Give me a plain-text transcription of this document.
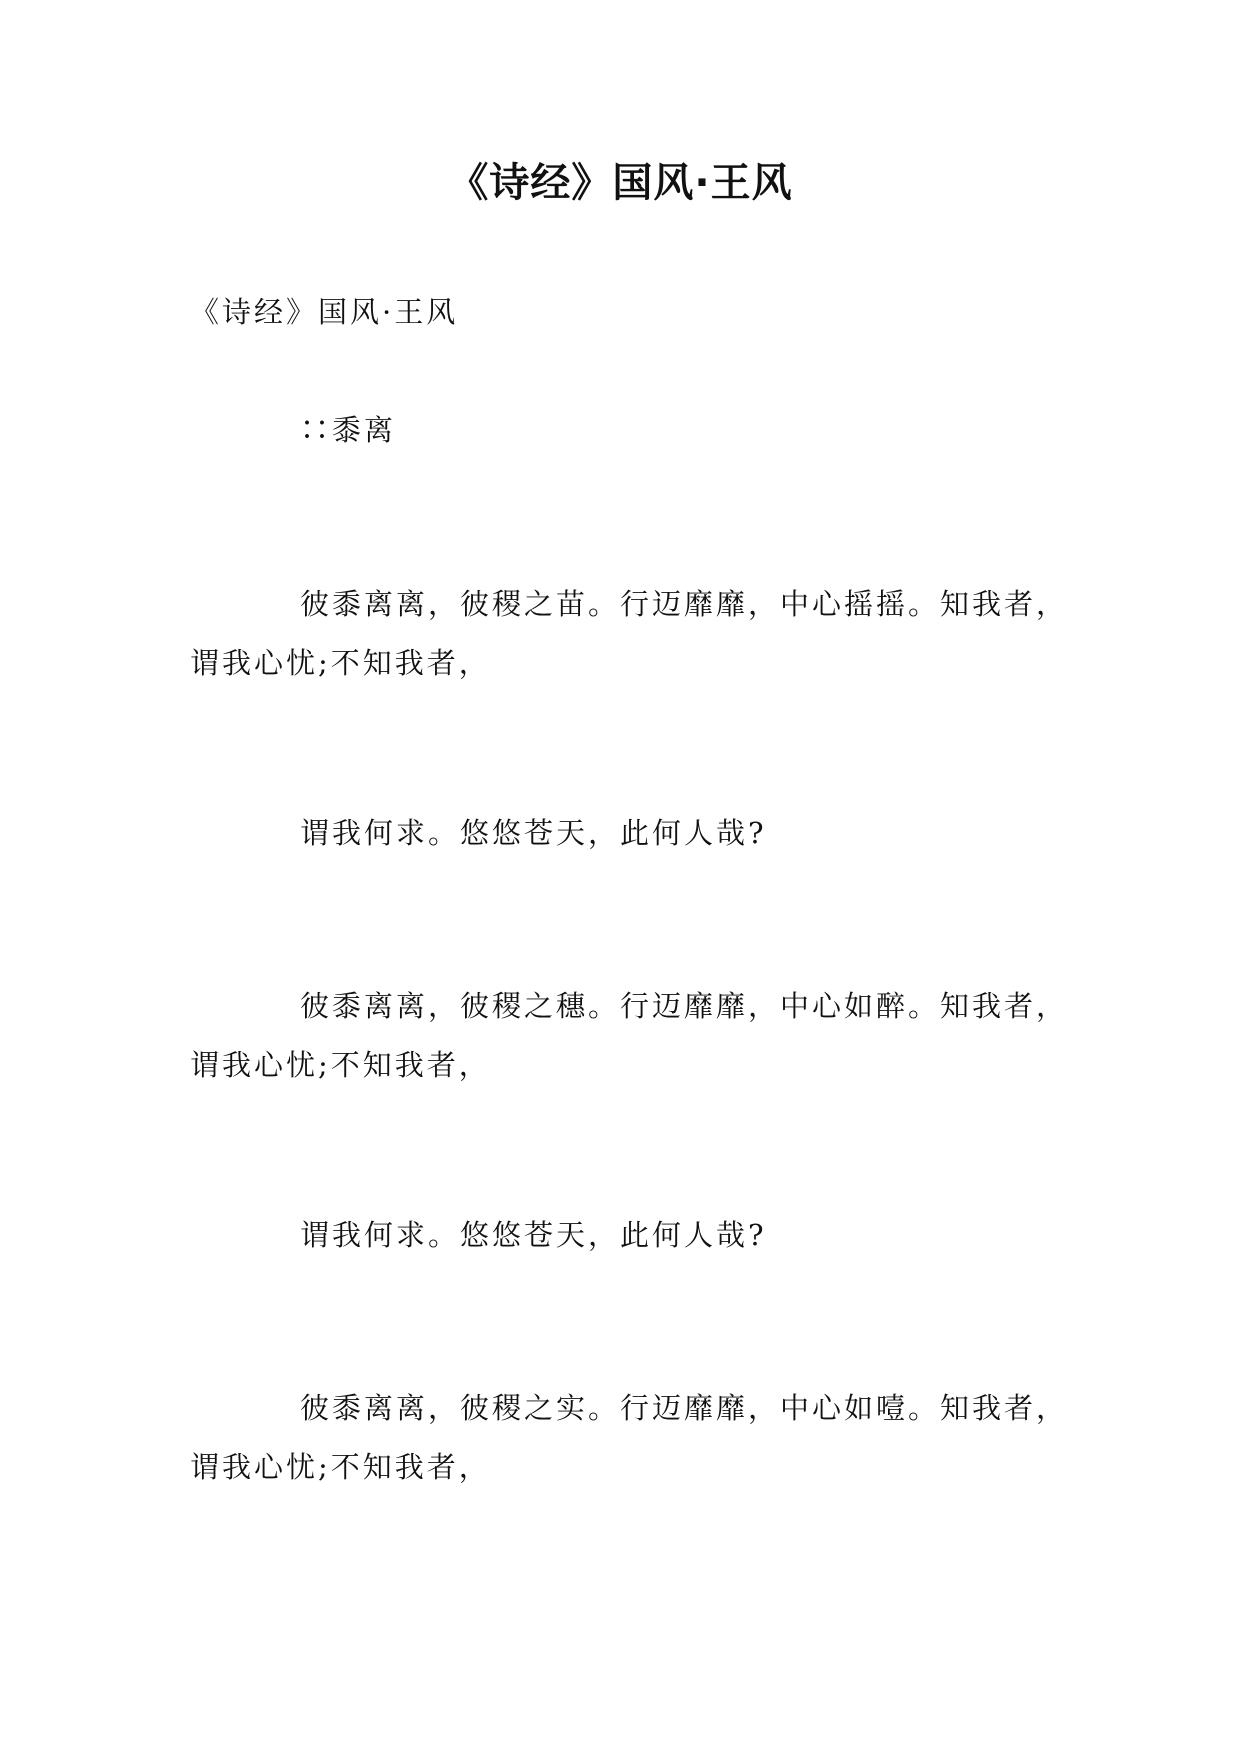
《诗经》国风·王风
《诗经》国风·王风
∷黍离
彼黍离离，彼稷之苗。行迈靡靡，中心摇摇。知我者，
谓我心忧;不知我者，
谓我何求。悠悠苍天，此何人哉?
彼黍离离，彼稷之穗。行迈靡靡，中心如醉。知我者，
谓我心忧;不知我者，
谓我何求。悠悠苍天，此何人哉?
彼黍离离，彼稷之实。行迈靡靡，中心如噎。知我者，
谓我心忧;不知我者，
